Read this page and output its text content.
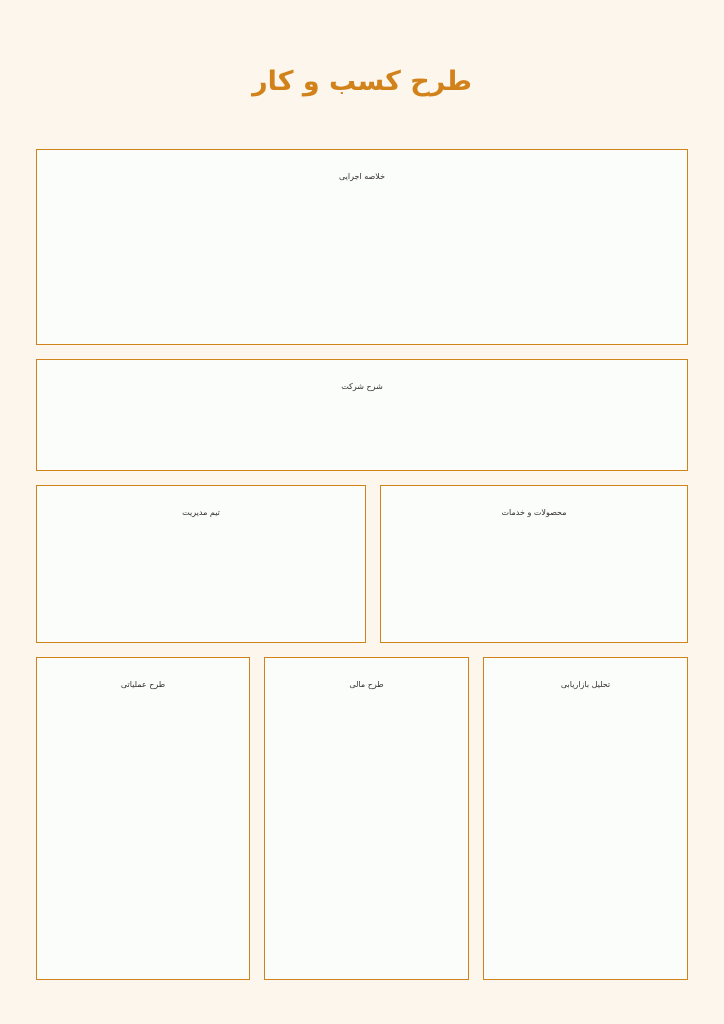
طرح کسب و کار
خلاصه اجرایی
شرح شرکت
محصولات و خدمات
تیم مدیریت
تحلیل بازاریابی
طرح مالی
طرح عملیاتی
